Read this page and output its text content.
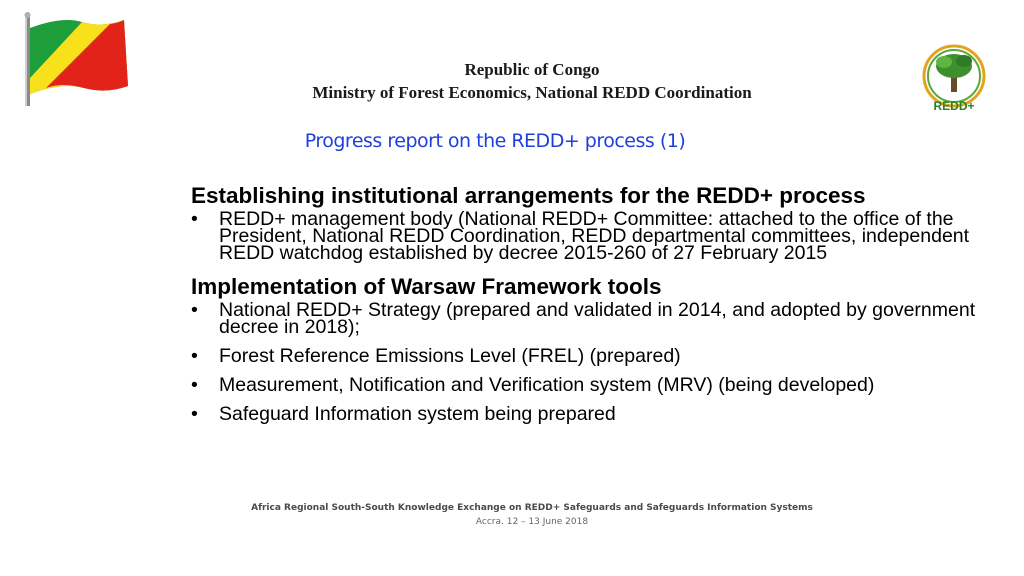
REDD+
Republic of Congo
Ministry of Forest Economics, National REDD Coordination
Progress report on the REDD+ process (1)
Establishing institutional arrangements for the REDD+ process
• REDD+ management body (National REDD+ Committee: attached to the office of the President, National REDD Coordination, REDD departmental committees, independent REDD watchdog established by decree 2015-260 of 27 February 2015
Implementation of Warsaw Framework tools
• National REDD+ Strategy (prepared and validated in 2014, and adopted by government decree in 2018);
• Forest Reference Emissions Level (FREL) (prepared)
• Measurement, Notification and Verification system (MRV) (being developed)
• Safeguard Information system being prepared
Africa Regional South-South Knowledge Exchange on REDD+ Safeguards and Safeguards Information Systems
Accra. 12 – 13 June 2018
